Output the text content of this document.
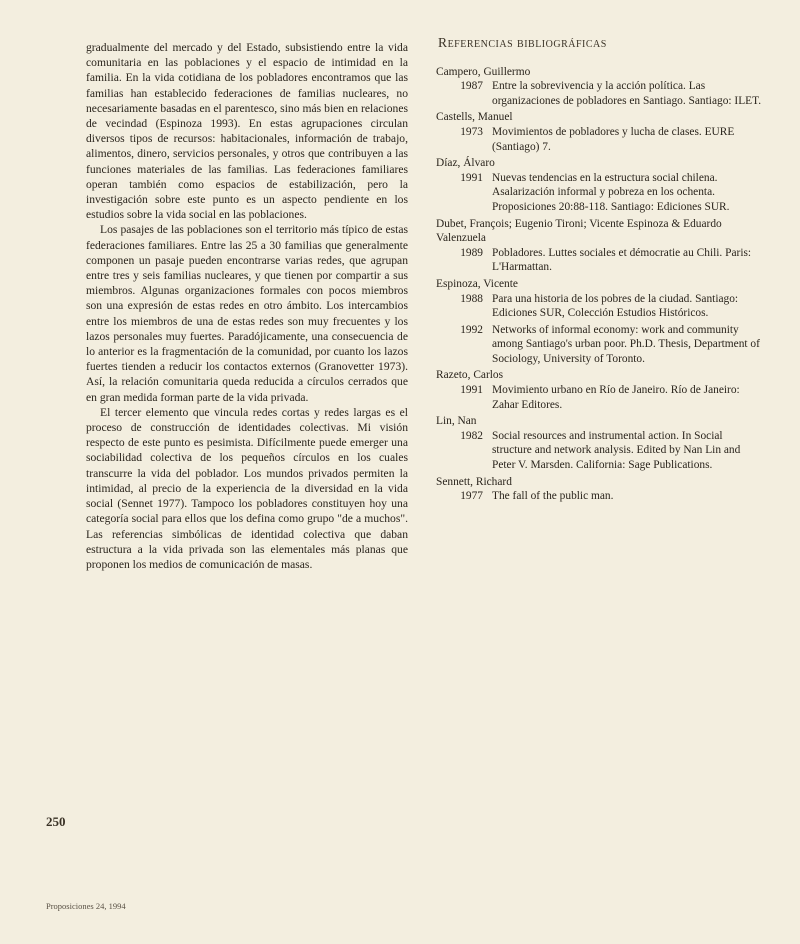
gradualmente del mercado y del Estado, subsistiendo entre la vida comunitaria en las poblaciones y el espacio de intimidad en la familia. En la vida cotidiana de los pobladores encontramos que las familias han establecido federaciones de familias nucleares, no necesariamente basadas en el parentesco, sino más bien en relaciones de vecindad (Espinoza 1993). En estas agrupaciones circulan diversos tipos de recursos: habitacionales, información de trabajo, alimentos, dinero, servicios personales, y otros que contribuyen a las funciones materiales de las familias. Las federaciones familiares operan también como espacios de estabilización, pero la investigación sobre este punto es un aspecto pendiente en los estudios sobre la vida social en las poblaciones.

Los pasajes de las poblaciones son el territorio más típico de estas federaciones familiares. Entre las 25 a 30 familias que generalmente componen un pasaje pueden encontrarse varias redes, que agrupan entre tres y seis familias nucleares, y que tienen por compartir a sus miembros. Algunas organizaciones formales con pocos miembros son una expresión de estas redes en otro ámbito. Los intercambios entre los miembros de una de estas redes son muy frecuentes y los lazos personales muy fuertes. Paradójicamente, una consecuencia de lo anterior es la fragmentación de la comunidad, por cuanto los lazos fuertes tienden a reducir los contactos externos (Granovetter 1973). Así, la relación comunitaria queda reducida a círculos cerrados que en gran medida forman parte de la vida privada.

El tercer elemento que vincula redes cortas y redes largas es el proceso de construcción de identidades colectivas. Mi visión respecto de este punto es pesimista. Difícilmente puede emerger una sociabilidad colectiva de los pequeños círculos en los cuales transcurre la vida del poblador. Los mundos privados permiten la intimidad, al precio de la experiencia de la diversidad en la vida social (Sennet 1977). Tampoco los pobladores constituyen hoy una categoría social para ellos que los defina como grupo "de a muchos". Las referencias simbólicas de identidad colectiva que daban estructura a la vida privada son las elementales más planas que proponen los medios de comunicación de masas.

Referencias bibliográficas
Campero, Guillermo
1987 Entre la sobrevivencia y la acción política. Las organizaciones de pobladores en Santiago. Santiago: ILET.
Castells, Manuel
1973 Movimientos de pobladores y lucha de clases. EURE (Santiago) 7.
Díaz, Álvaro
1991 Nuevas tendencias en la estructura social chilena. Asalarización informal y pobreza en los ochenta. Proposiciones 20:88-118. Santiago: Ediciones SUR.
Dubet, François; Eugenio Tironi; Vicente Espinoza & Eduardo Valenzuela
1989 Pobladores. Luttes sociales et démocratie au Chili. Paris: L'Harmattan.
Espinoza, Vicente
1988 Para una historia de los pobres de la ciudad. Santiago: Ediciones SUR, Colección Estudios Históricos.
1992 Networks of informal economy: work and community among Santiago's urban poor. Ph.D. Thesis, Department of Sociology, University of Toronto.
Razeto, Carlos
1991 Movimiento urbano en Río de Janeiro. Río de Janeiro: Zahar Editores.
Lin, Nan
1982 Social resources and instrumental action. In Social structure and network analysis. Edited by Nan Lin and Peter V. Marsden. California: Sage Publications.
Sennett, Richard
1977 The fall of the public man.
250
Proposiciones 24, 1994
